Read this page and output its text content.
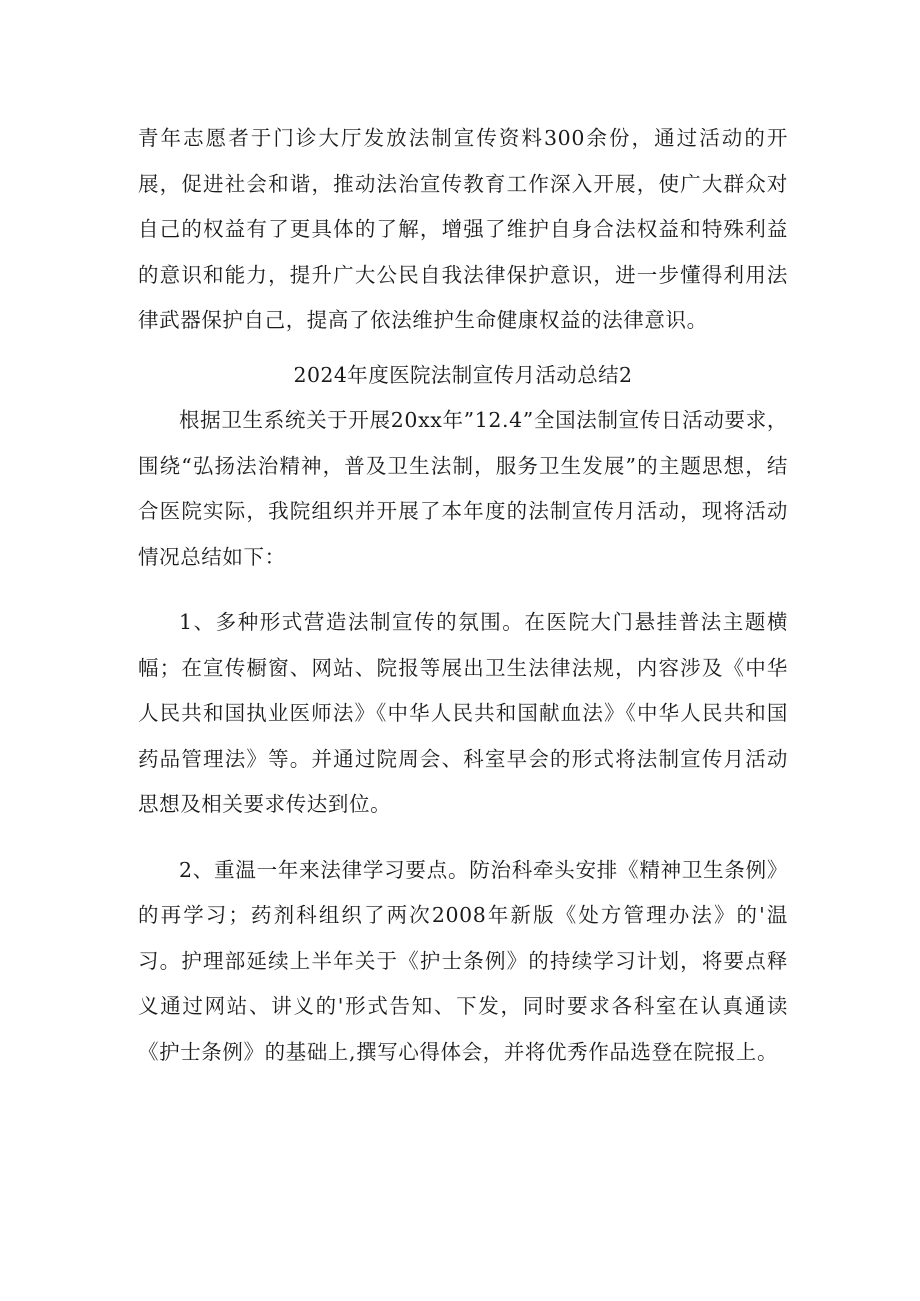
青年志愿者于门诊大厅发放法制宣传资料300余份，通过活动的开展，促进社会和谐，推动法治宣传教育工作深入开展，使广大群众对自己的权益有了更具体的了解，增强了维护自身合法权益和特殊利益的意识和能力，提升广大公民自我法律保护意识，进一步懂得利用法律武器保护自己，提高了依法维护生命健康权益的法律意识。

2024年度医院法制宣传月活动总结2

根据卫生系统关于开展20xx年”12.4”全国法制宣传日活动要求，围绕“弘扬法治精神，普及卫生法制，服务卫生发展”的主题思想，结合医院实际，我院组织并开展了本年度的法制宣传月活动，现将活动情况总结如下：

1、多种形式营造法制宣传的氛围。在医院大门悬挂普法主题横幅；在宣传橱窗、网站、院报等展出卫生法律法规，内容涉及《中华人民共和国执业医师法》《中华人民共和国献血法》《中华人民共和国药品管理法》等。并通过院周会、科室早会的形式将法制宣传月活动思想及相关要求传达到位。

2、重温一年来法律学习要点。防治科牵头安排《精神卫生条例》的再学习；药剂科组织了两次2008年新版《处方管理办法》的'温习。护理部延续上半年关于《护士条例》的持续学习计划，将要点释义通过网站、讲义的'形式告知、下发，同时要求各科室在认真通读《护士条例》的基础上,撰写心得体会，并将优秀作品选登在院报上。
